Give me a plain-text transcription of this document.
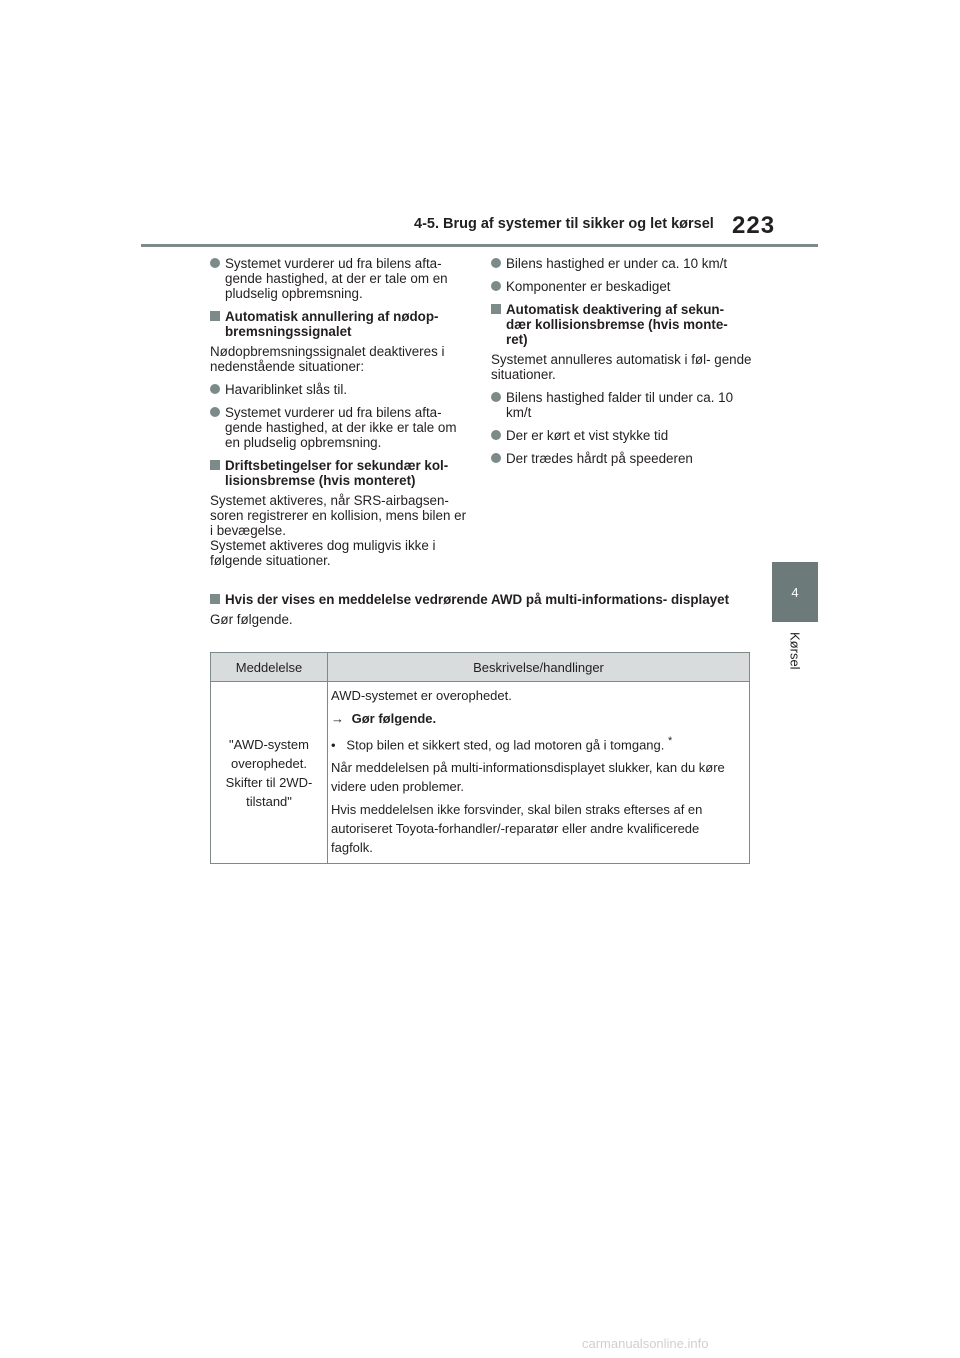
4-5. Brug af systemer til sikker og let kørsel 223
4
Kørsel
Systemet vurderer ud fra bilens afta- gende hastighed, at der er tale om en pludselig opbremsning.
Automatisk annullering af nødop- bremsningssignalet
Nødopbremsningssignalet deaktiveres i nedenstående situationer:
Havariblinket slås til.
Systemet vurderer ud fra bilens afta- gende hastighed, at der ikke er tale om en pludselig opbremsning.
Driftsbetingelser for sekundær kol- lisionsbremse (hvis monteret)
Systemet aktiveres, når SRS-airbagsen- soren registrerer en kollision, mens bilen er i bevægelse.
Systemet aktiveres dog muligvis ikke i følgende situationer.
Bilens hastighed er under ca. 10 km/t
Komponenter er beskadiget
Automatisk deaktivering af sekun- dær kollisionsbremse (hvis monte- ret)
Systemet annulleres automatisk i føl- gende situationer.
Bilens hastighed falder til under ca. 10 km/t
Der er kørt et vist stykke tid
Der trædes hårdt på speederen
Hvis der vises en meddelelse vedrørende AWD på multi-informations- displayet
Gør følgende.
Meddelelse	Beskrivelse/handlinger
"AWD-system overophedet. Skifter til 2WD- tilstand"	AWD-systemet er overophedet.
→ Gør følgende.
•   Stop bilen et sikkert sted, og lad motoren gå i tomgang. *
Når meddelelsen på multi-informationsdisplayet slukker, kan du køre videre uden problemer.
Hvis meddelelsen ikke forsvinder, skal bilen straks efterses af en autoriseret Toyota-forhandler/-reparatør eller andre kvalificerede fagfolk.
carmanualsonline.info
